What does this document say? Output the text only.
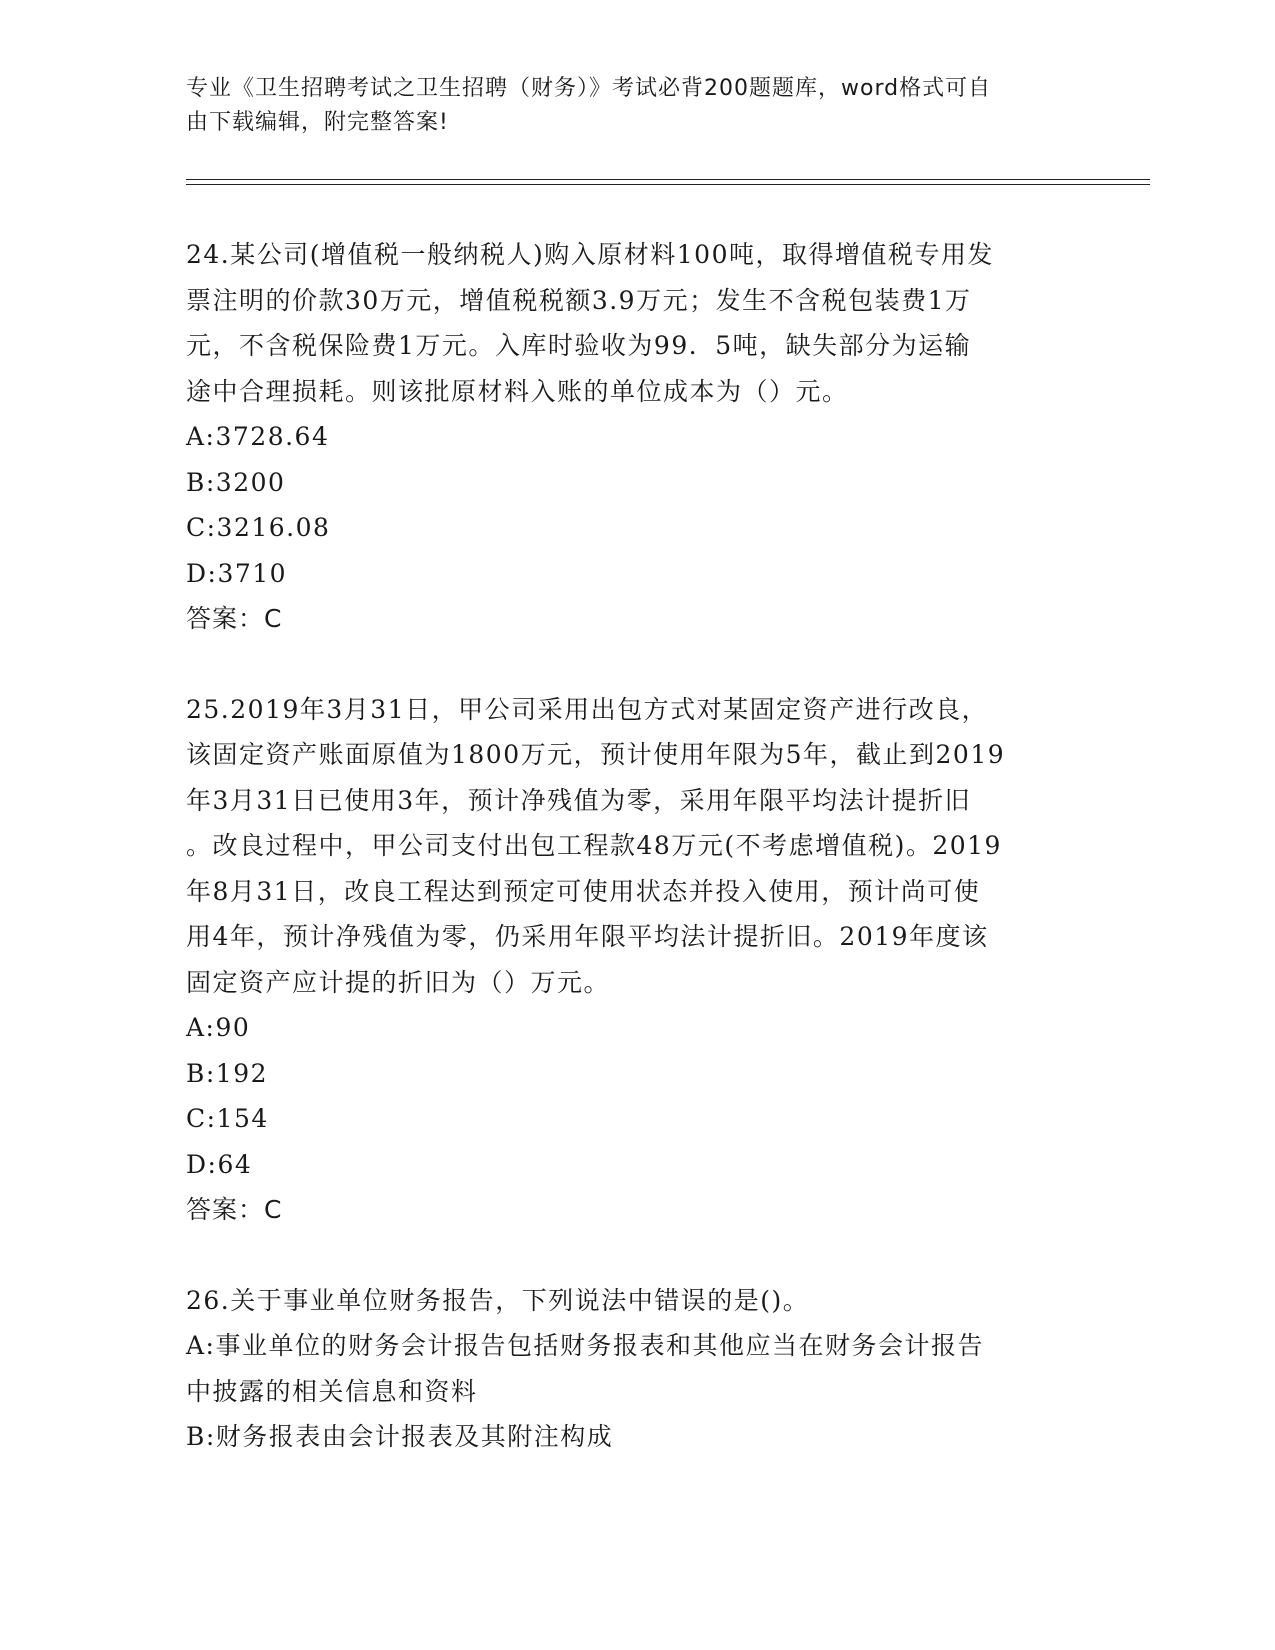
专业《卫生招聘考试之卫生招聘（财务）》考试必背200题题库，word格式可自
由下载编辑，附完整答案!

24.某公司(增值税一般纳税人)购入原材料100吨，取得增值税专用发

票注明的价款30万元，增值税税额3.9万元；发生不含税包装费1万

元，不含税保险费1万元。入库时验收为99．5吨，缺失部分为运输

途中合理损耗。则该批原材料入账的单位成本为（）元。

A:3728.64

B:3200

C:3216.08

D:3710

答案：C

25.2019年3月31日，甲公司采用出包方式对某固定资产进行改良，

该固定资产账面原值为1800万元，预计使用年限为5年，截止到2019

年3月31日已使用3年，预计净残值为零，采用年限平均法计提折旧

。改良过程中，甲公司支付出包工程款48万元(不考虑增值税)。2019

年8月31日，改良工程达到预定可使用状态并投入使用，预计尚可使

用4年，预计净残值为零，仍采用年限平均法计提折旧。2019年度该

固定资产应计提的折旧为（）万元。

A:90

B:192

C:154

D:64

答案：C

26.关于事业单位财务报告，下列说法中错误的是()。

A:事业单位的财务会计报告包括财务报表和其他应当在财务会计报告

中披露的相关信息和资料

B:财务报表由会计报表及其附注构成
